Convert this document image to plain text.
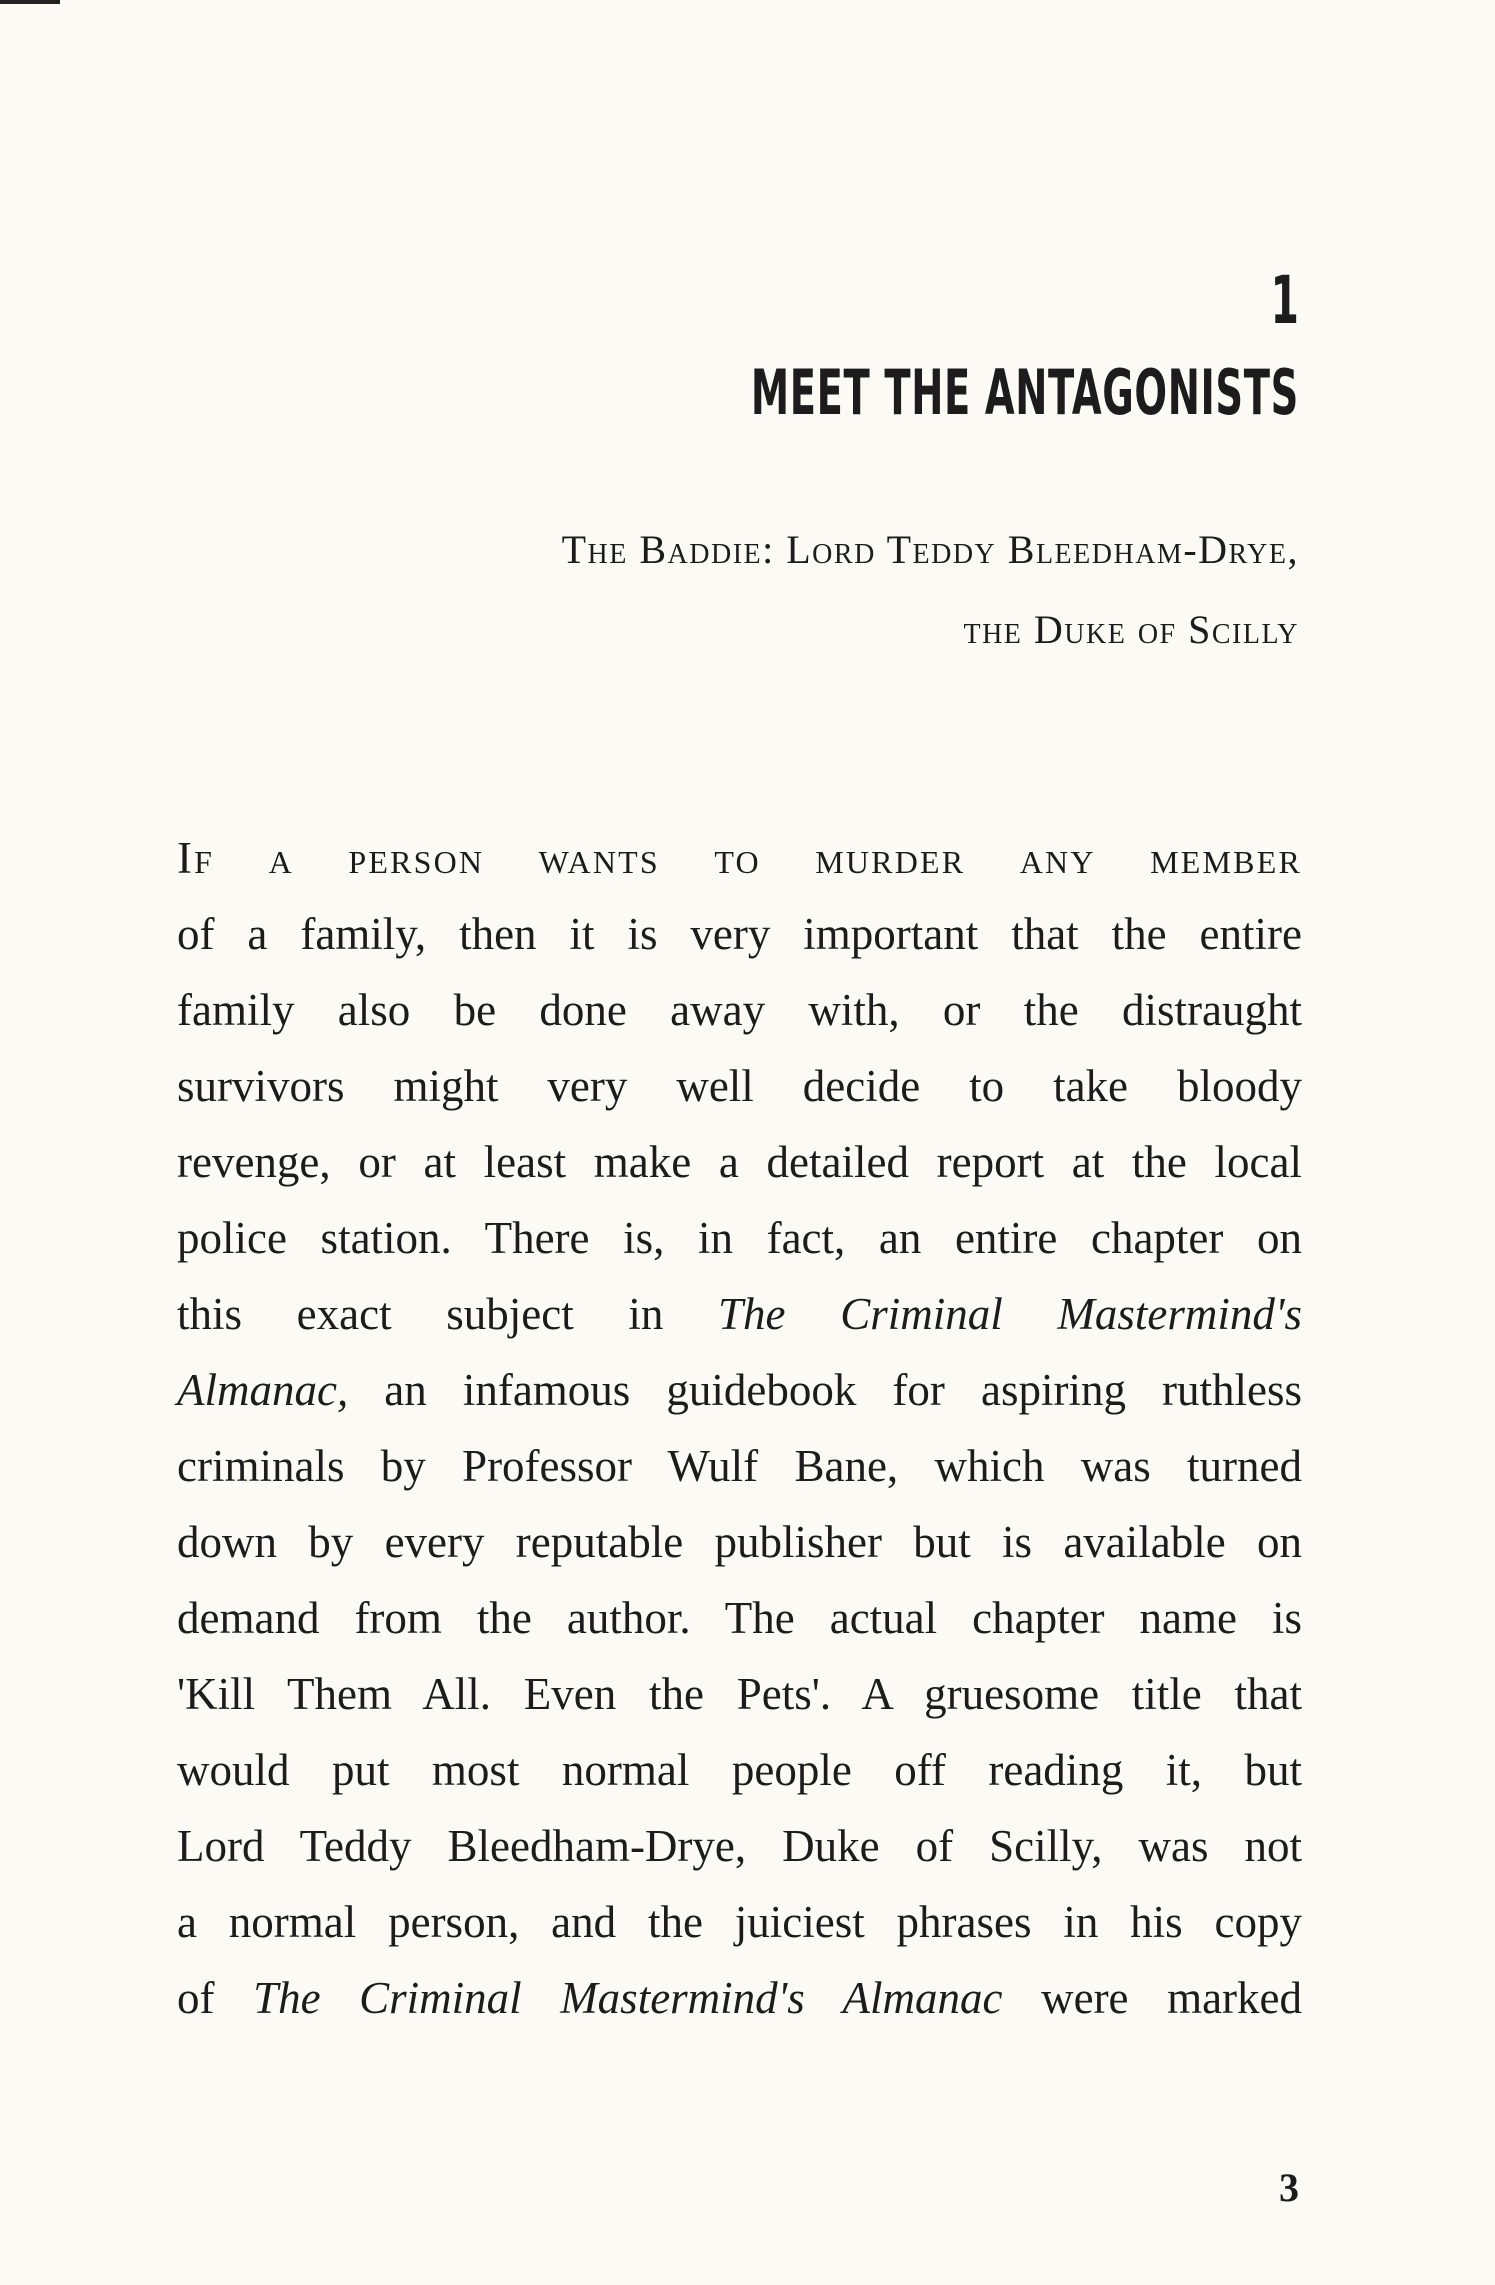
1
MEET THE ANTAGONISTS
The Baddie: Lord Teddy Bleedham-Drye,
the Duke of Scilly
If a person wants to murder any member
of a family, then it is very important that the entire
family also be done away with, or the distraught
survivors might very well decide to take bloody
revenge, or at least make a detailed report at the local
police station. There is, in fact, an entire chapter on
this exact subject in The Criminal Mastermind's
Almanac, an infamous guidebook for aspiring ruthless
criminals by Professor Wulf Bane, which was turned
down by every reputable publisher but is available on
demand from the author. The actual chapter name is
'Kill Them All. Even the Pets'. A gruesome title that
would put most normal people off reading it, but
Lord Teddy Bleedham-Drye, Duke of Scilly, was not
a normal person, and the juiciest phrases in his copy
of The Criminal Mastermind's Almanac were marked
3
